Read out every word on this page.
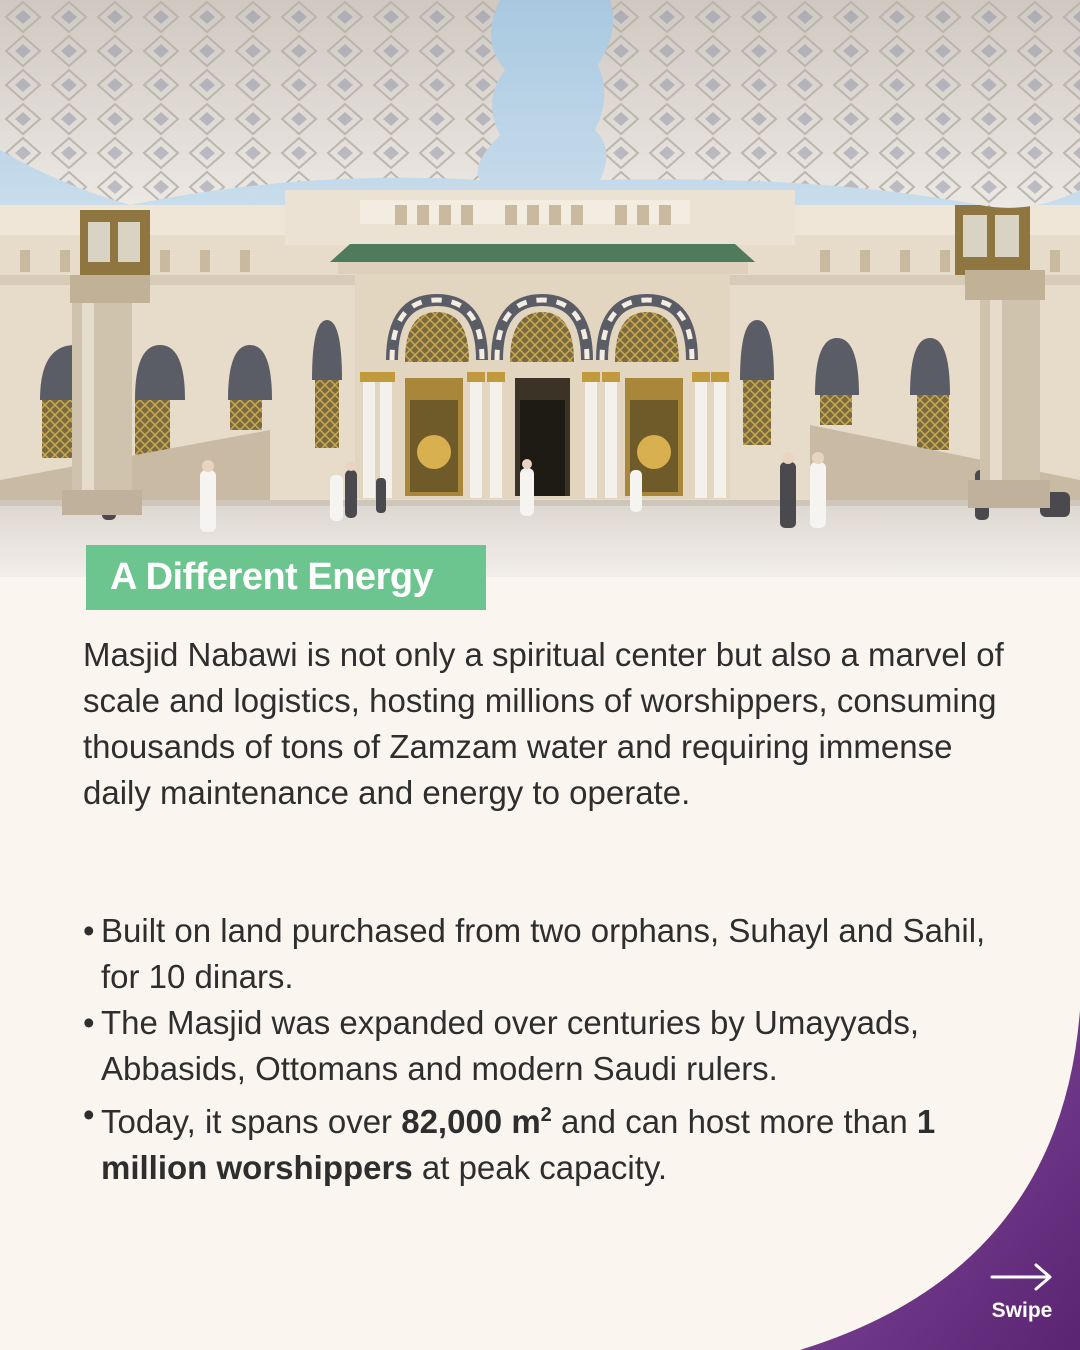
A Different Energy

Masjid Nabawi is not only a spiritual center but also a marvel of scale and logistics, hosting millions of worshippers, consuming thousands of tons of Zamzam water and requiring immense daily maintenance and energy to operate.

• Built on land purchased from two orphans, Suhayl and Sahil, for 10 dinars.
• The Masjid was expanded over centuries by Umayyads, Abbasids, Ottomans and modern Saudi rulers.
• Today, it spans over 82,000 $m^2$ and can host more than 1 million worshippers at peak capacity.
Swipe
